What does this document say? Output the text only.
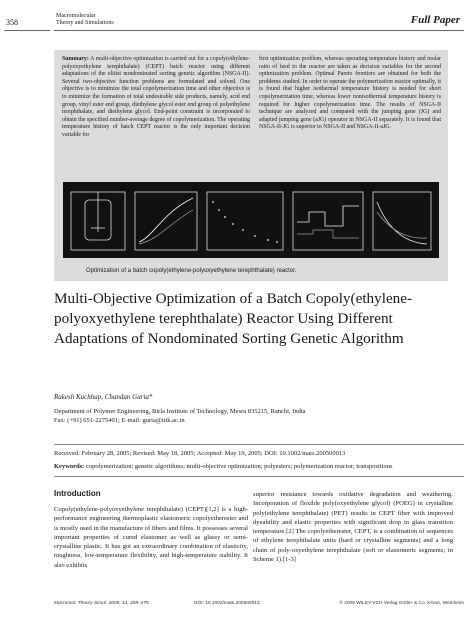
358
Macromolecular
Theory and Simulations	Full Paper
Summary: A multi-objective optimization is carried out for a copoly(ethylene-polyoxyethylene terephthalate) (CEPT) batch reactor using different adaptations of the elitist nondominated sorting genetic algorithm (NSGA-II). Several two-objective function problems are formulated and solved. One objective is to minimize the total copolymerization time and other objective is to minimize the formation of total undesirable side products, namely, acid end group, vinyl ester end group, diethylene glycol ester end group of polyethylene terephthalate, and diethylene glycol. End-point constraint is incorporated to obtain the specified number-average degree of copolymerization. The operating temperature history of batch CEPT reactor is the only important decision variable for
first optimization problem, whereas operating temperature history and molar ratio of feed to the reactor are taken as decision variables for the second optimization problem. Optimal Pareto frontiers are obtained for both the problems studied. In order to operate the polymerization reactor optimally, it is found that higher isothermal temperature history is needed for short copolymerization time, whereas lower nonisothermal temperature history is required for higher copolymerization time. The results of NSGA-II technique are analyzed and compared with the jumping gene (JG) and adapted jumping gene (aJG) operator in NSGA-II separately. It is found that NSGA-II-JG is superior to NSGA-II and NSGA-II-aJG.
Optimization of a batch copoly(ethylene-polyoxyethylene terephthalate) reactor.
Multi-Objective Optimization of a Batch Copoly(ethylene-polyoxyethylene terephthalate) Reactor Using Different Adaptations of Nondominated Sorting Genetic Algorithm
Rakesh Kachhap, Chandan Guria*
Department of Polymer Engineering, Birla Institute of Technology, Mesra 835215, Ranchi, India
Fax: (+91) 651-2275401; E-mail: guria@iitk.ac.in
Received: February 28, 2005; Revised: May 18, 2005; Accepted: May 19, 2005; DOI: 10.1002/mats.200500013
Keywords: copolymerization; genetic algorithms; multi-objective optimization; polyesters; polymerization reactor; transpositions
Introduction
Copoly(ethylene-polyoxyethylene terephthalate) (CEPT)[1,2] is a high-performance engineering thermoplastic elastomeric copolyetherester and is mostly used in the manufacture of fibers and films. It possesses several important properties of cured elastomer as well as glassy or semi-crystalline plastic. It has got an extraordinary combination of elasticity, toughness, low-temperature flexibility, and high-temperature stability. It also exhibits
superior resistance towards oxidative degradation and weathering. Incorporation of flexible poly(oxyethylene glycol) (POEG) in crystalline poly(ethylene terephthalate) (PET) results in CEPT fiber with improved dyeability and elastic properties with significant drop in glass transition temperature.[2] The copolyetherester, CEPT, is a combination of sequences of ethylene terephthalate units (hard or crystalline segments) and a long chain of poly-oxyethylene terephthalate (soft or elastomeric segments; in Scheme 1).[1-3]
Macromol. Theory Simul. 2005, 14, 358–375	DOI: 10.1002/mats.200500013	© 2005 WILEY-VCH Verlag GmbH & Co. KGaA, Weinheim
